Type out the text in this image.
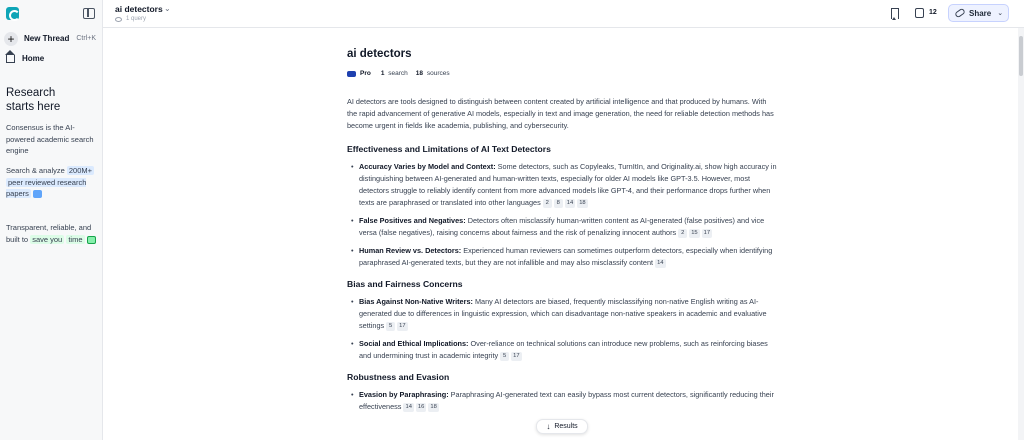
+	New Thread Ctrl+K
Home
Research
starts here
Consensus is the AI-powered academic search engine
Search & analyze 200M+ peer reviewed research papers
Transparent, reliable, and built to save you time
ai detectors ⌄
1 query
12	Share ⌄
ai detectors
Pro	1 search 18 sources

AI detectors are tools designed to distinguish between content created by artificial intelligence and that produced by humans. With the rapid advancement of generative AI models, especially in text and image generation, the need for reliable detection methods has become urgent in fields like academia, publishing, and cybersecurity.

Effectiveness and Limitations of AI Text Detectors
• Accuracy Varies by Model and Context: Some detectors, such as Copyleaks, TurnItIn, and Originality.ai, show high accuracy in distinguishing between AI-generated and human-written texts, especially for older AI models like GPT-3.5. However, most detectors struggle to reliably identify content from more advanced models like GPT-4, and their performance drops further when texts are paraphrased or translated into other languages 2 8 14 18
• False Positives and Negatives: Detectors often misclassify human-written content as AI-generated (false positives) and vice versa (false negatives), raising concerns about fairness and the risk of penalizing innocent authors 2 15 17
• Human Review vs. Detectors: Experienced human reviewers can sometimes outperform detectors, especially when identifying paraphrased AI-generated texts, but they are not infallible and may also misclassify content 14
Bias and Fairness Concerns
• Bias Against Non-Native Writers: Many AI detectors are biased, frequently misclassifying non-native English writing as AI-generated due to differences in linguistic expression, which can disadvantage non-native speakers in academic and evaluative settings 5 17
• Social and Ethical Implications: Over-reliance on technical solutions can introduce new problems, such as reinforcing biases and undermining trust in academic integrity 5 17
Robustness and Evasion
• Evasion by Paraphrasing: Paraphrasing AI-generated text can easily bypass most current detectors, significantly reducing their effectiveness 14 16 18
↓ Results
